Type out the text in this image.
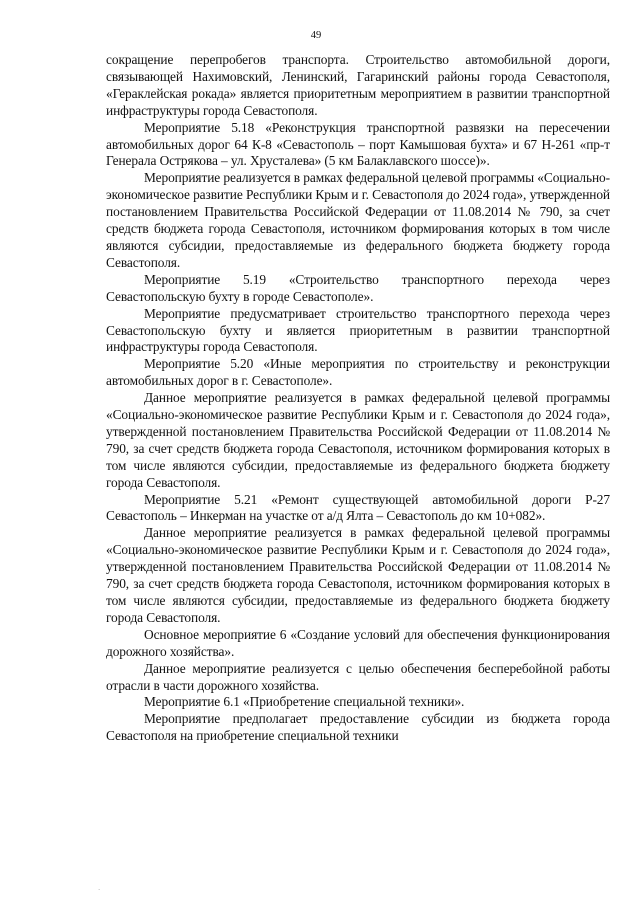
49

сокращение перепробегов транспорта. Строительство автомобильной дороги, связывающей Нахимовский, Ленинский, Гагаринский районы города Севастополя, «Гераклейская рокада» является приоритетным мероприятием в развитии транспортной инфраструктуры города Севастополя.

Мероприятие 5.18 «Реконструкция транспортной развязки на пересечении автомобильных дорог 64 К-8 «Севастополь – порт Камышовая бухта» и 67 Н-261 «пр-т Генерала Острякова – ул. Хрусталева» (5 км Балаклавского шоссе)».

Мероприятие реализуется в рамках федеральной целевой программы «Социально-экономическое развитие Республики Крым и г. Севастополя до 2024 года», утвержденной постановлением Правительства Российской Федерации от 11.08.2014 № 790, за счет средств бюджета города Севастополя, источником формирования которых в том числе являются субсидии, предоставляемые из федерального бюджета бюджету города Севастополя.

Мероприятие 5.19 «Строительство транспортного перехода через Севастопольскую бухту в городе Севастополе».

Мероприятие предусматривает строительство транспортного перехода через Севастопольскую бухту и является приоритетным в развитии транспортной инфраструктуры города Севастополя.

Мероприятие 5.20 «Иные мероприятия по строительству и реконструкции автомобильных дорог в г. Севастополе».

Данное мероприятие реализуется в рамках федеральной целевой программы «Социально-экономическое развитие Республики Крым и г. Севастополя до 2024 года», утвержденной постановлением Правительства Российской Федерации от 11.08.2014 № 790, за счет средств бюджета города Севастополя, источником формирования которых в том числе являются субсидии, предоставляемые из федерального бюджета бюджету города Севастополя.

Мероприятие 5.21 «Ремонт существующей автомобильной дороги Р-27 Севастополь – Инкерман на участке от а/д Ялта – Севастополь до км 10+082».

Данное мероприятие реализуется в рамках федеральной целевой программы «Социально-экономическое развитие Республики Крым и г. Севастополя до 2024 года», утвержденной постановлением Правительства Российской Федерации от 11.08.2014 № 790, за счет средств бюджета города Севастополя, источником формирования которых в том числе являются субсидии, предоставляемые из федерального бюджета бюджету города Севастополя.

Основное мероприятие 6 «Создание условий для обеспечения функционирования дорожного хозяйства».

Данное мероприятие реализуется с целью обеспечения бесперебойной работы отрасли в части дорожного хозяйства.

Мероприятие 6.1 «Приобретение специальной техники».

Мероприятие предполагает предоставление субсидии из бюджета города Севастополя на приобретение специальной техники

`
